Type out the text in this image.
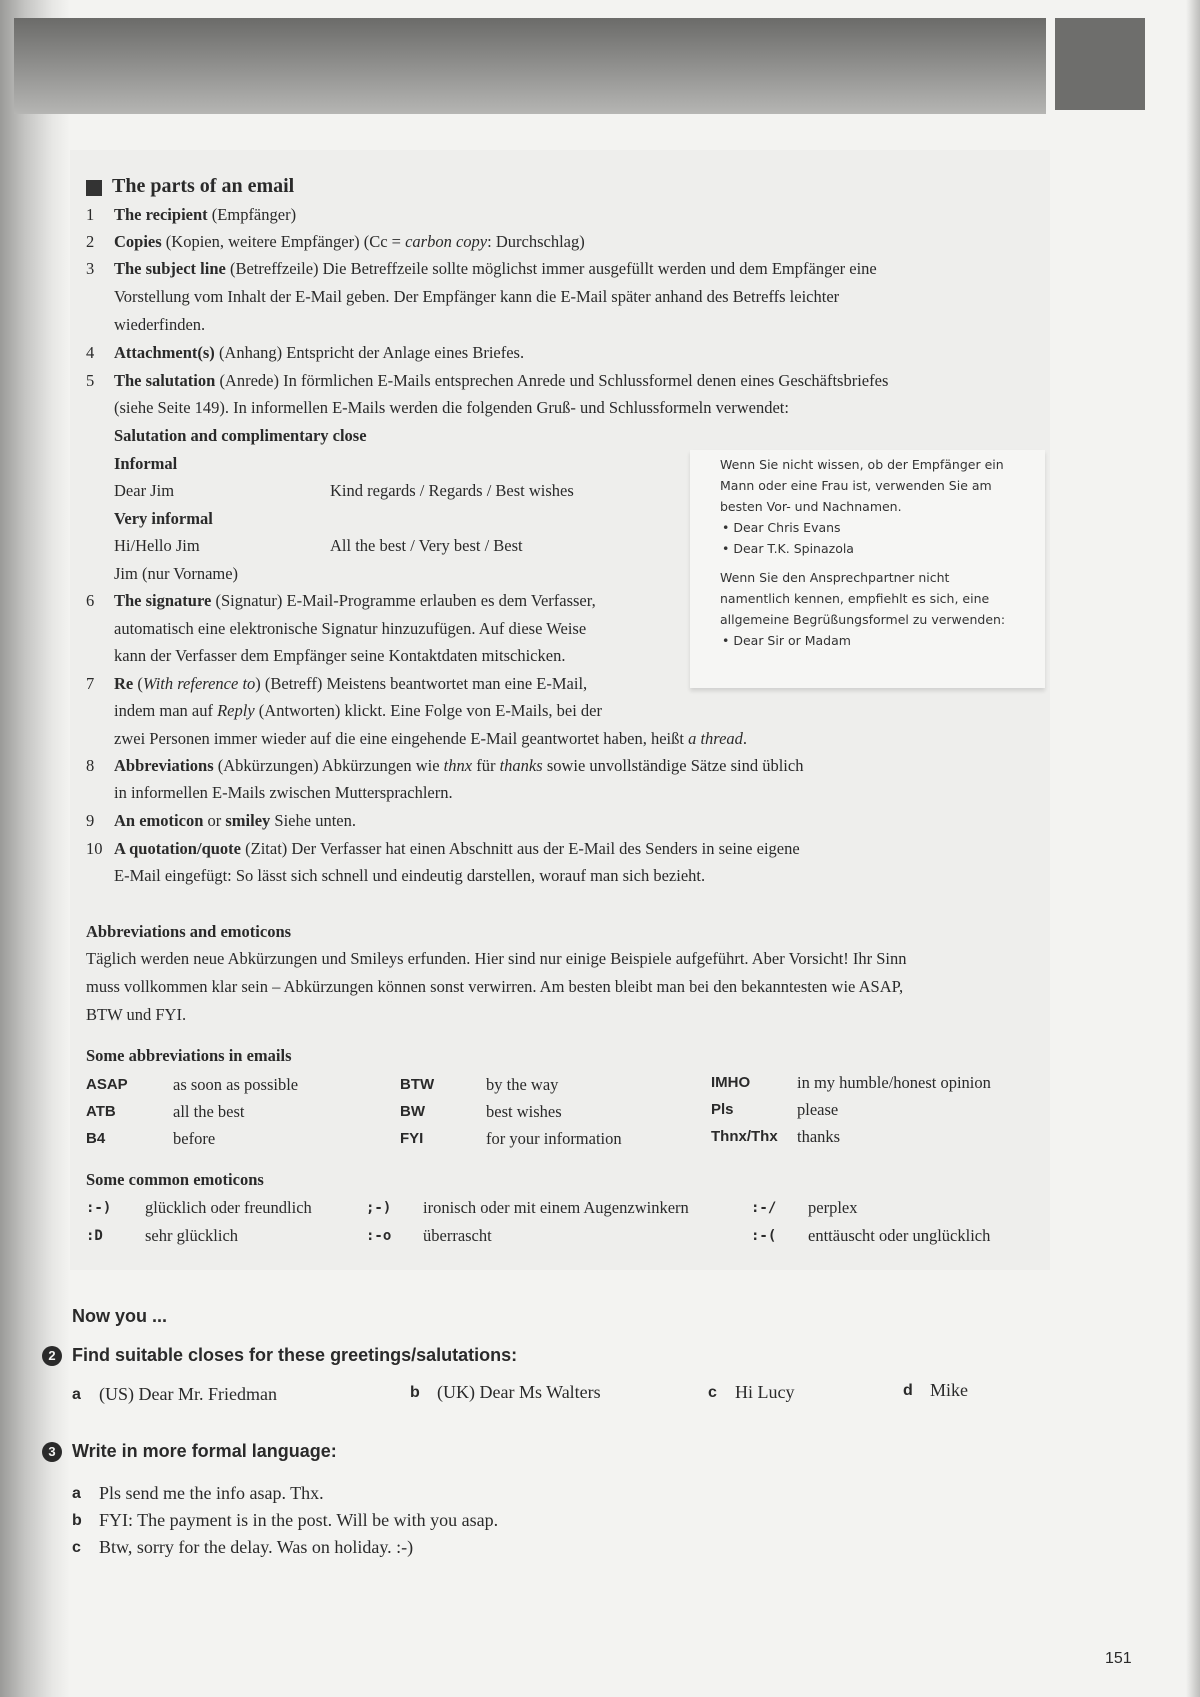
The parts of an email
1 The recipient (Empfänger)
2 Copies (Kopien, weitere Empfänger) (Cc = carbon copy: Durchschlag)
3 The subject line (Betreffzeile) Die Betreffzeile sollte möglichst immer ausgefüllt werden und dem Empfänger eine
Vorstellung vom Inhalt der E-Mail geben. Der Empfänger kann die E-Mail später anhand des Betreffs leichter
wiederfinden.
4 Attachment(s) (Anhang) Entspricht der Anlage eines Briefes.
5 The salutation (Anrede) In förmlichen E-Mails entsprechen Anrede und Schlussformel denen eines Geschäftsbriefes
(siehe Seite 149). In informellen E-Mails werden die folgenden Gruß- und Schlussformeln verwendet:
Salutation and complimentary close
Informal
Dear Jim	Kind regards / Regards / Best wishes
Very informal
Hi/Hello Jim	All the best / Very best / Best
Jim (nur Vorname)
Wenn Sie nicht wissen, ob der Empfänger ein
Mann oder eine Frau ist, verwenden Sie am
besten Vor- und Nachnamen.
• Dear Chris Evans
• Dear T.K. Spinazola
Wenn Sie den Ansprechpartner nicht
namentlich kennen, empfiehlt es sich, eine
allgemeine Begrüßungsformel zu verwenden:
• Dear Sir or Madam
6 The signature (Signatur) E-Mail-Programme erlauben es dem Verfasser,
automatisch eine elektronische Signatur hinzuzufügen. Auf diese Weise
kann der Verfasser dem Empfänger seine Kontaktdaten mitschicken.
7 Re (With reference to) (Betreff) Meistens beantwortet man eine E-Mail,
indem man auf Reply (Antworten) klickt. Eine Folge von E-Mails, bei der
zwei Personen immer wieder auf die eine eingehende E-Mail geantwortet haben, heißt a thread.
8 Abbreviations (Abkürzungen) Abkürzungen wie thnx für thanks sowie unvollständige Sätze sind üblich
in informellen E-Mails zwischen Muttersprachlern.
9 An emoticon or smiley Siehe unten.
10 A quotation/quote (Zitat) Der Verfasser hat einen Abschnitt aus der E-Mail des Senders in seine eigene
E-Mail eingefügt: So lässt sich schnell und eindeutig darstellen, worauf man sich bezieht.
Abbreviations and emoticons
Täglich werden neue Abkürzungen und Smileys erfunden. Hier sind nur einige Beispiele aufgeführt. Aber Vorsicht! Ihr Sinn
muss vollkommen klar sein – Abkürzungen können sonst verwirren. Am besten bleibt man bei den bekanntesten wie ASAP,
BTW und FYI.
Some abbreviations in emails
ASAP	as soon as possible	BTW	by the way	IMHO	in my humble/honest opinion
ATB	all the best	BW	best wishes	Pls	please
B4	before	FYI	for your information	Thnx/Thx thanks
Some common emoticons
:-) glücklich oder freundlich	;-) ironisch oder mit einem Augenzwinkern	:-/ perplex
:D	sehr glücklich	:-o überrascht	:-( enttäuscht oder unglücklich
Now you ...
2 Find suitable closes for these greetings/salutations:
a (US) Dear Mr. Friedman	b (UK) Dear Ms Walters	c Hi Lucy	d Mike
3 Write in more formal language:
a Pls send me the info asap. Thx.
b FYI: The payment is in the post. Will be with you asap.
c Btw, sorry for the delay. Was on holiday. :-)
151
